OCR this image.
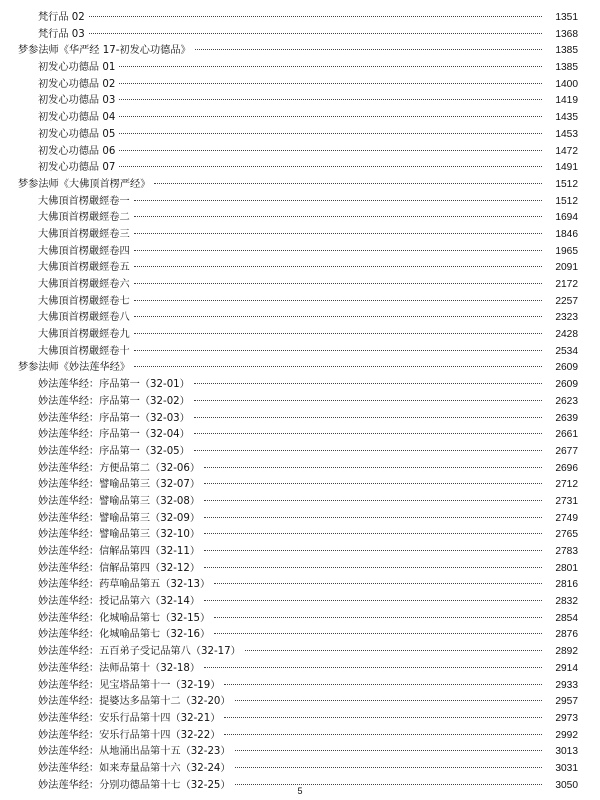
梵行品 02	1351
梵行品 03	1368
梦参法师《华严经 17-初发心功德品》	1385
初发心功德品 01	1385
初发心功德品 02	1400
初发心功德品 03	1419
初发心功德品 04	1435
初发心功德品 05	1453
初发心功德品 06	1472
初发心功德品 07	1491
梦参法师《大佛顶首楞严经》	1512
大佛頂首楞嚴經卷一	1512
大佛頂首楞嚴經卷二	1694
大佛頂首楞嚴經卷三	1846
大佛頂首楞嚴經卷四	1965
大佛頂首楞嚴經卷五	2091
大佛頂首楞嚴經卷六	2172
大佛頂首楞嚴經卷七	2257
大佛頂首楞嚴經卷八	2323
大佛頂首楞嚴經卷九	2428
大佛頂首楞嚴經卷十	2534
梦参法师《妙法莲华经》	2609
妙法莲华经：序品第一（32-01）	2609
妙法莲华经：序品第一（32-02）	2623
妙法莲华经：序品第一（32-03）	2639
妙法莲华经：序品第一（32-04）	2661
妙法莲华经：序品第一（32-05）	2677
妙法莲华经：方便品第二（32-06）	2696
妙法莲华经：譬喻品第三（32-07）	2712
妙法莲华经：譬喻品第三（32-08）	2731
妙法莲华经：譬喻品第三（32-09）	2749
妙法莲华经：譬喻品第三（32-10）	2765
妙法莲华经：信解品第四（32-11）	2783
妙法莲华经：信解品第四（32-12）	2801
妙法莲华经：药草喻品第五（32-13）	2816
妙法莲华经：授记品第六（32-14）	2832
妙法莲华经：化城喻品第七（32-15）	2854
妙法莲华经：化城喻品第七（32-16）	2876
妙法莲华经：五百弟子受记品第八（32-17）	2892
妙法莲华经：法师品第十（32-18）	2914
妙法莲华经：见宝塔品第十一（32-19）	2933
妙法莲华经：提婆达多品第十二（32-20）	2957
妙法莲华经：安乐行品第十四（32-21）	2973
妙法莲华经：安乐行品第十四（32-22）	2992
妙法莲华经：从地涌出品第十五（32-23）	3013
妙法莲华经：如来寿量品第十六（32-24）	3031
妙法莲华经：分别功德品第十七（32-25）	3050
5
